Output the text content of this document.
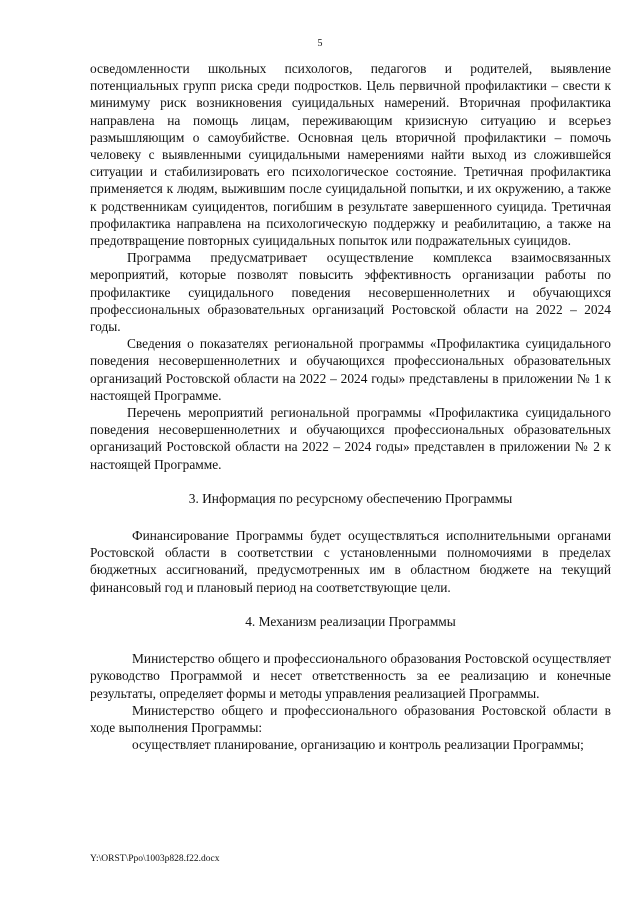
5

осведомленности школьных психологов, педагогов и родителей, выявление потенциальных групп риска среди подростков. Цель первичной профилактики – свести к минимуму риск возникновения суицидальных намерений. Вторичная профилактика направлена на помощь лицам, переживающим кризисную ситуацию и всерьез размышляющим о самоубийстве. Основная цель вторичной профилактики – помочь человеку с выявленными суицидальными намерениями найти выход из сложившейся ситуации и стабилизировать его психологическое состояние. Третичная профилактика применяется к людям, выжившим после суицидальной попытки, и их окружению, а также к родственникам суицидентов, погибшим в результате завершенного суицида. Третичная профилактика направлена на психологическую поддержку и реабилитацию, а также на предотвращение повторных суицидальных попыток или подражательных суицидов.

Программа предусматривает осуществление комплекса взаимосвязанных мероприятий, которые позволят повысить эффективность организации работы по профилактике суицидального поведения несовершеннолетних и обучающихся профессиональных образовательных организаций Ростовской области на 2022 – 2024 годы.

Сведения о показателях региональной программы «Профилактика суицидального поведения несовершеннолетних и обучающихся профессиональных образовательных организаций Ростовской области на 2022 – 2024 годы» представлены в приложении № 1 к настоящей Программе.

Перечень мероприятий региональной программы «Профилактика суицидального поведения несовершеннолетних и обучающихся профессиональных образовательных организаций Ростовской области на 2022 – 2024 годы» представлен в приложении № 2 к настоящей Программе.

3. Информация по ресурсному обеспечению Программы

Финансирование Программы будет осуществляться исполнительными органами Ростовской области в соответствии с установленными полномочиями в пределах бюджетных ассигнований, предусмотренных им в областном бюджете на текущий финансовый год и плановый период на соответствующие цели.

4. Механизм реализации Программы

Министерство общего и профессионального образования Ростовской осуществляет руководство Программой и несет ответственность за ее реализацию и конечные результаты, определяет формы и методы управления реализацией Программы.

Министерство общего и профессионального образования Ростовской области в ходе выполнения Программы:

осуществляет планирование, организацию и контроль реализации Программы;

Y:\ORST\Ppo\1003p828.f22.docx
